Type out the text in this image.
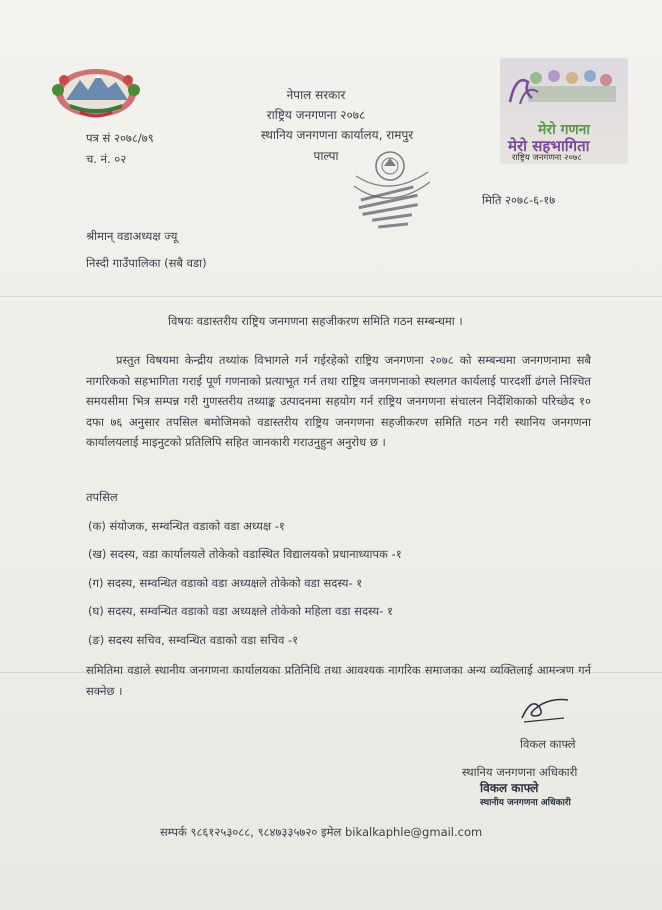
नेपाल सरकार
राष्ट्रिय जनगणना २०७८
स्थानिय जनगणना कार्यालय, रामपुर
पाल्पा
पत्र सं २०७८/७९
च. नं. ०२
मेरो गणना
मेरो सहभागिता
राष्ट्रिय जनगणना २०७८
मिति २०७८-६-१७
श्रीमान् वडाअध्यक्ष ज्यू
निस्दी गाउँपालिका (सबै वडा)
विषयः वडास्तरीय राष्ट्रिय जनगणना सहजीकरण समिति गठन सम्बन्धमा ।
प्रस्तुत विषयमा केन्द्रीय तथ्यांक विभागले गर्न गईरहेको राष्ट्रिय जनगणना २०७८ को सम्बन्धमा जनगणनामा सबै नागरिकको सहभागिता गराई पूर्ण गणनाको प्रत्याभूत गर्न तथा राष्ट्रिय जनगणनाको स्थलगत कार्यलाई पारदर्शी ढंगले निश्चित समयसीमा भित्र सम्पन्न गरी गुणस्तरीय तथ्याङ्क उत्पादनमा सहयोग गर्न राष्ट्रिय जनगणना संचालन निर्देशिकाको परिच्छेद १० दफा ७६ अनुसार तपसिल बमोजिमको वडास्तरीय राष्ट्रिय जनगणना सहजीकरण समिति गठन गरी स्थानिय जनगणना कार्यालयलाई माइनुटको प्रतिलिपि सहित जानकारी गराउनुहुन अनुरोध छ ।
तपसिल
(क) संयोजक, सम्वन्धित वडाको वडा अध्यक्ष -१
(ख) सदस्य, वडा कार्यालयले तोकेको वडास्थित विद्यालयको प्रधानाध्यापक -१
(ग) सदस्य, सम्वन्धित वडाको वडा अध्यक्षले तोकेको वडा सदस्य- १
(घ) सदस्य, सम्वन्धित वडाको वडा अध्यक्षले तोकेको महिला वडा सदस्य- १
(ङ) सदस्य सचिव, सम्वन्धित वडाको वडा सचिव -१
समितिमा वडाले स्थानीय जनगणना कार्यालयका प्रतिनिधि तथा आवश्यक नागरिक समाजका अन्य व्यक्तिलाई आमन्त्रण गर्न सक्नेछ ।
विकल काफ्ले
स्थानिय जनगणना अधिकारी
विकल काफ्ले
स्थानीय जनगणना अधिकारी
सम्पर्क ९८६१२५३०८८, ९८४७३३५७२० इमेल bikalkaphle@gmail.com
